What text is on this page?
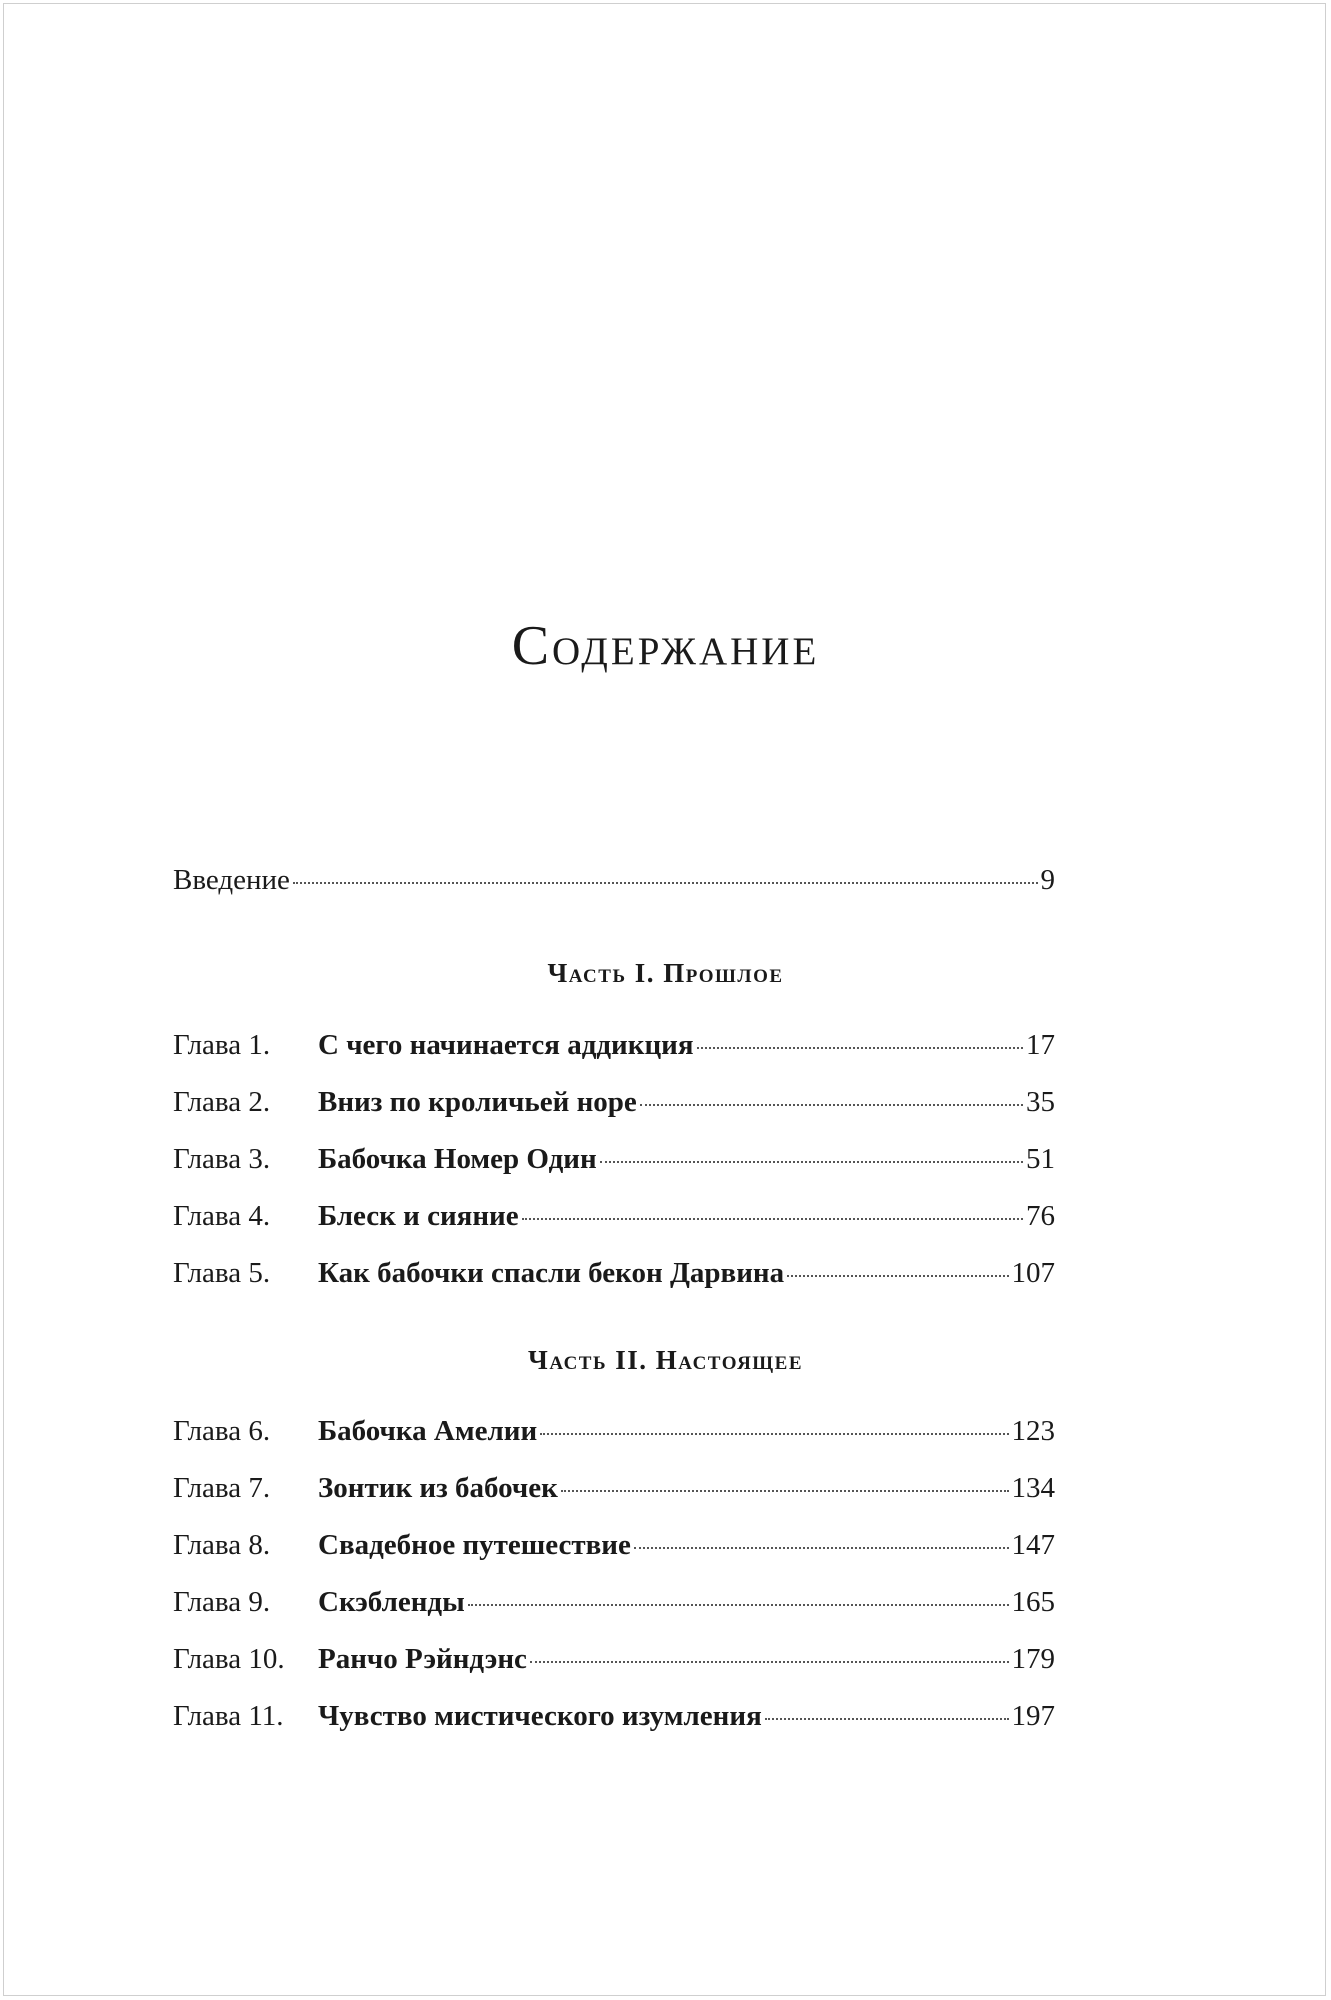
Содержание
Введение	9
Часть I. Прошлое
Глава 1.	С чего начинается аддикция	17
Глава 2.	Вниз по кроличьей норе	35
Глава 3.	Бабочка Номер Один	51
Глава 4.	Блеск и сияние	76
Глава 5.	Как бабочки спасли бекон Дарвина	107
Часть II. Настоящее
Глава 6.	Бабочка Амелии	123
Глава 7.	Зонтик из бабочек	134
Глава 8.	Свадебное путешествие	147
Глава 9.	Скэбленды	165
Глава 10.	Ранчо Рэйндэнс	179
Глава 11.	Чувство мистического изумления	197
